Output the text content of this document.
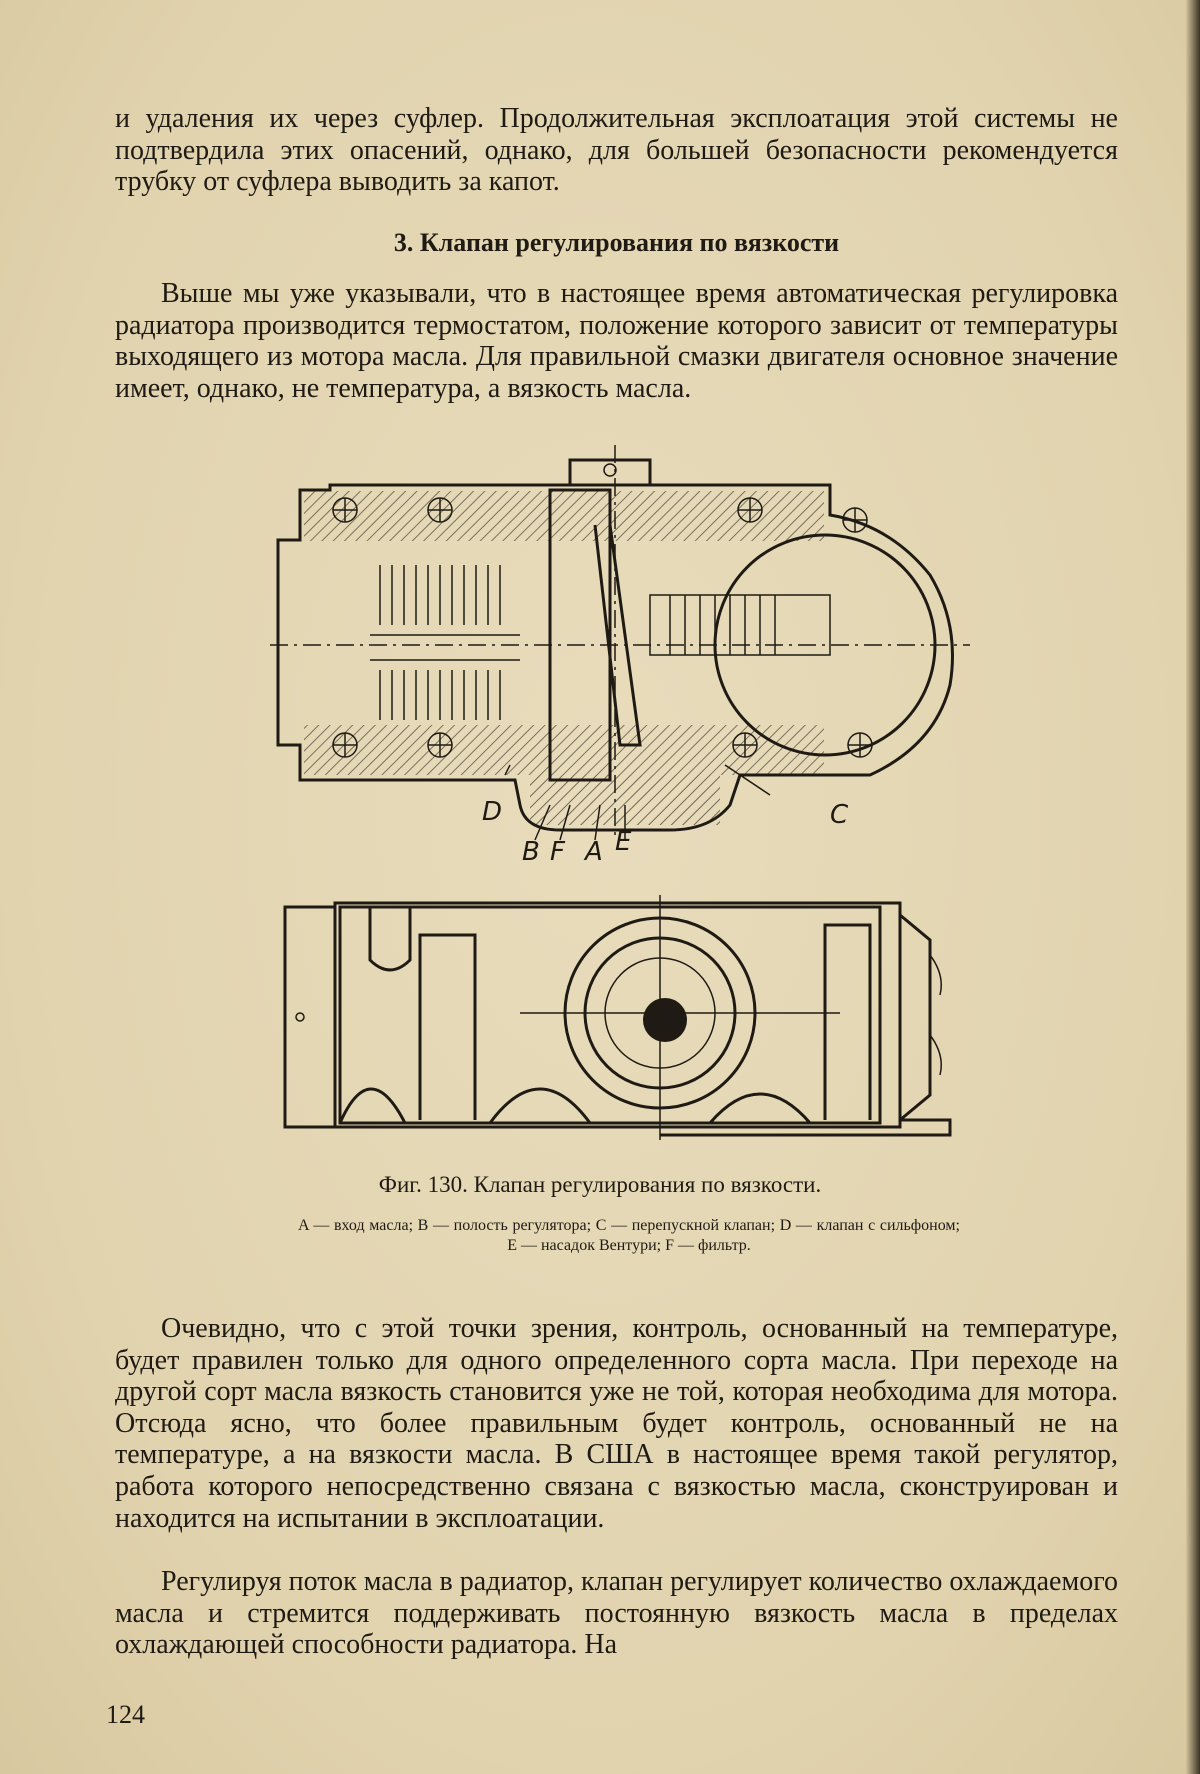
и удаления их через суфлер. Продолжительная эксплоатация этой системы не подтвердила этих опасений, однако, для большей безопасности рекомендуется трубку от суфлера выводить за капот.

3. Клапан регулирования по вязкости

Выше мы уже указывали, что в настоящее время автоматическая регулировка радиатора производится термостатом, положение которого зависит от температуры выходящего из мотора масла. Для правильной смазки двигателя основное значение имеет, однако, не температура, а вязкость масла.

D	C
B F A E

Фиг. 130. Клапан регулирования по вязкости.

A — вход масла; B — полость регулятора; C — перепускной клапан; D — клапан с сильфоном; E — насадок Вентури; F — фильтр.

Очевидно, что с этой точки зрения, контроль, основанный на температуре, будет правилен только для одного определенного сорта масла. При переходе на другой сорт масла вязкость становится уже не той, которая необходима для мотора. Отсюда ясно, что более правильным будет контроль, основанный не на температуре, а на вязкости масла. В США в настоящее время такой регулятор, работа которого непосредственно связана с вязкостью масла, сконструирован и находится на испытании в эксплоатации.

Регулируя поток масла в радиатор, клапан регулирует количество охлаждаемого масла и стремится поддерживать постоянную вязкость масла в пределах охлаждающей способности радиатора. На

124
